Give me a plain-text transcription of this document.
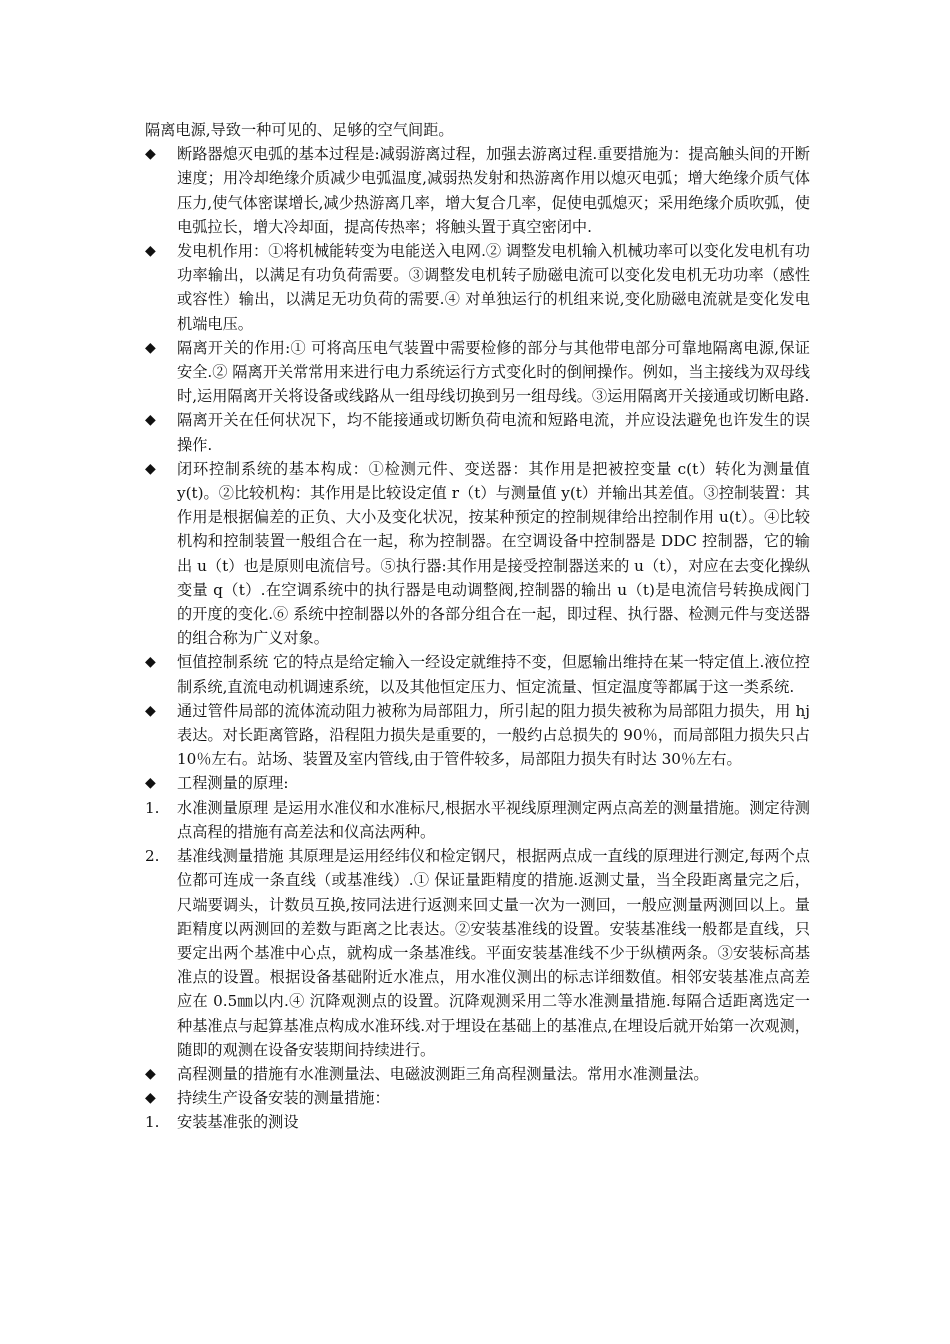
隔离电源,导致一种可见的、足够的空气间距。

◆	断路器熄灭电弧的基本过程是:减弱游离过程，加强去游离过程.重要措施为：提高触头间的开断速度；用冷却绝缘介质减少电弧温度,减弱热发射和热游离作用以熄灭电弧；增大绝缘介质气体压力,使气体密谋增长,减少热游离几率，增大复合几率，促使电弧熄灭；采用绝缘介质吹弧，使电弧拉长，增大冷却面，提高传热率；将触头置于真空密闭中.
◆	发电机作用：①将机械能转变为电能送入电网.② 调整发电机输入机械功率可以变化发电机有功功率输出，以满足有功负荷需要。③调整发电机转子励磁电流可以变化发电机无功功率（感性或容性）输出，以满足无功负荷的需要.④ 对单独运行的机组来说,变化励磁电流就是变化发电机端电压。
◆	隔离开关的作用:① 可将高压电气装置中需要检修的部分与其他带电部分可靠地隔离电源,保证安全.② 隔离开关常常用来进行电力系统运行方式变化时的倒闸操作。例如，当主接线为双母线时,运用隔离开关将设备或线路从一组母线切换到另一组母线。③运用隔离开关接通或切断电路.
◆	隔离开关在任何状况下，均不能接通或切断负荷电流和短路电流，并应设法避免也许发生的误操作.
◆	闭环控制系统的基本构成：①检测元件、变送器：其作用是把被控变量 c(t）转化为测量值 y(t)。②比较机构：其作用是比较设定值 r（t）与测量值 y(t）并输出其差值。③控制装置：其作用是根据偏差的正负、大小及变化状况，按某种预定的控制规律给出控制作用 u(t）。④比较机构和控制装置一般组合在一起，称为控制器。在空调设备中控制器是 DDC 控制器，它的输出 u（t）也是原则电流信号。⑤执行器:其作用是接受控制器送来的 u（t），对应在去变化操纵变量 q（t）.在空调系统中的执行器是电动调整阀,控制器的输出 u（t)是电流信号转换成阀门的开度的变化.⑥ 系统中控制器以外的各部分组合在一起，即过程、执行器、检测元件与变送器的组合称为广义对象。
◆	恒值控制系统 它的特点是给定输入一经设定就维持不变，但愿输出维持在某一特定值上.液位控制系统,直流电动机调速系统，以及其他恒定压力、恒定流量、恒定温度等都属于这一类系统.
◆	通过管件局部的流体流动阻力被称为局部阻力，所引起的阻力损失被称为局部阻力损失，用 hj 表达。对长距离管路，沿程阻力损失是重要的，一般约占总损失的 90％，而局部阻力损失只占 10％左右。站场、装置及室内管线,由于管件较多，局部阻力损失有时达 30％左右。
◆	工程测量的原理:
1.	水准测量原理 是运用水准仪和水准标尺,根据水平视线原理测定两点高差的测量措施。测定待测点高程的措施有高差法和仪高法两种。
2.	基准线测量措施 其原理是运用经纬仪和检定钢尺，根据两点成一直线的原理进行测定,每两个点位都可连成一条直线（或基准线）.① 保证量距精度的措施.返测丈量，当全段距离量完之后，尺端要调头，计数员互换,按同法进行返测来回丈量一次为一测回，一般应测量两测回以上。量距精度以两测回的差数与距离之比表达。②安装基准线的设置。安装基准线一般都是直线，只要定出两个基准中心点，就构成一条基准线。平面安装基准线不少于纵横两条。③安装标高基准点的设置。根据设备基础附近水准点，用水准仪测出的标志详细数值。相邻安装基准点高差应在 0.5㎜以内.④ 沉降观测点的设置。沉降观测采用二等水准测量措施.每隔合适距离选定一种基准点与起算基准点构成水准环线.对于埋设在基础上的基准点,在埋设后就开始第一次观测，随即的观测在设备安装期间持续进行。
◆	高程测量的措施有水准测量法、电磁波测距三角高程测量法。常用水准测量法。
◆	持续生产设备安装的测量措施：
1.	安装基准张的测设
